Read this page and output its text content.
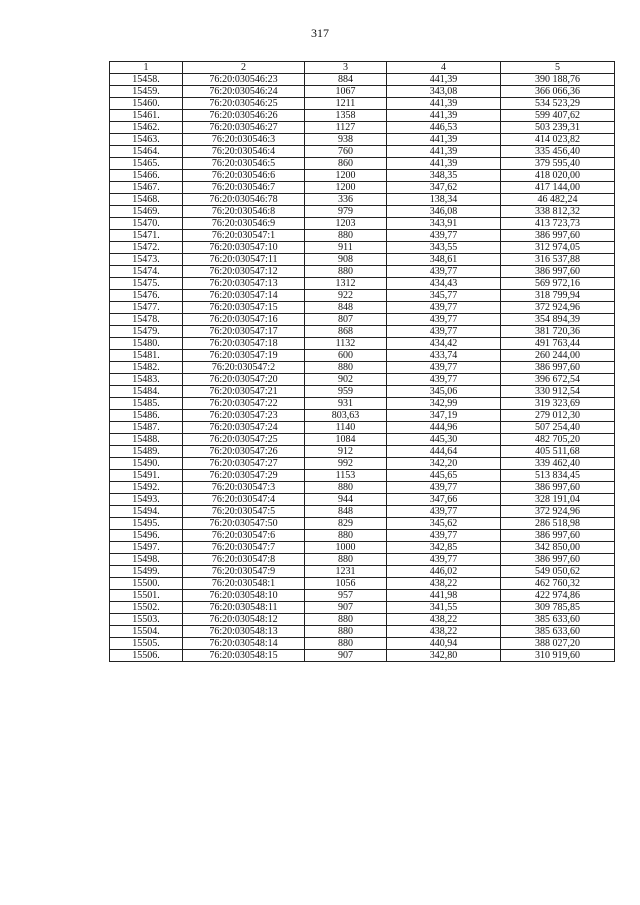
317
1	2	3	4	5
15458.	76:20:030546:23	884	441,39	390 188,76
15459.	76:20:030546:24	1067	343,08	366 066,36
15460.	76:20:030546:25	1211	441,39	534 523,29
15461.	76:20:030546:26	1358	441,39	599 407,62
15462.	76:20:030546:27	1127	446,53	503 239,31
15463.	76:20:030546:3	938	441,39	414 023,82
15464.	76:20:030546:4	760	441,39	335 456,40
15465.	76:20:030546:5	860	441,39	379 595,40
15466.	76:20:030546:6	1200	348,35	418 020,00
15467.	76:20:030546:7	1200	347,62	417 144,00
15468.	76:20:030546:78	336	138,34	46 482,24
15469.	76:20:030546:8	979	346,08	338 812,32
15470.	76:20:030546:9	1203	343,91	413 723,73
15471.	76:20:030547:1	880	439,77	386 997,60
15472.	76:20:030547:10	911	343,55	312 974,05
15473.	76:20:030547:11	908	348,61	316 537,88
15474.	76:20:030547:12	880	439,77	386 997,60
15475.	76:20:030547:13	1312	434,43	569 972,16
15476.	76:20:030547:14	922	345,77	318 799,94
15477.	76:20:030547:15	848	439,77	372 924,96
15478.	76:20:030547:16	807	439,77	354 894,39
15479.	76:20:030547:17	868	439,77	381 720,36
15480.	76:20:030547:18	1132	434,42	491 763,44
15481.	76:20:030547:19	600	433,74	260 244,00
15482.	76:20:030547:2	880	439,77	386 997,60
15483.	76:20:030547:20	902	439,77	396 672,54
15484.	76:20:030547:21	959	345,06	330 912,54
15485.	76:20:030547:22	931	342,99	319 323,69
15486.	76:20:030547:23	803,63	347,19	279 012,30
15487.	76:20:030547:24	1140	444,96	507 254,40
15488.	76:20:030547:25	1084	445,30	482 705,20
15489.	76:20:030547:26	912	444,64	405 511,68
15490.	76:20:030547:27	992	342,20	339 462,40
15491.	76:20:030547:29	1153	445,65	513 834,45
15492.	76:20:030547:3	880	439,77	386 997,60
15493.	76:20:030547:4	944	347,66	328 191,04
15494.	76:20:030547:5	848	439,77	372 924,96
15495.	76:20:030547:50	829	345,62	286 518,98
15496.	76:20:030547:6	880	439,77	386 997,60
15497.	76:20:030547:7	1000	342,85	342 850,00
15498.	76:20:030547:8	880	439,77	386 997,60
15499.	76:20:030547:9	1231	446,02	549 050,62
15500.	76:20:030548:1	1056	438,22	462 760,32
15501.	76:20:030548:10	957	441,98	422 974,86
15502.	76:20:030548:11	907	341,55	309 785,85
15503.	76:20:030548:12	880	438,22	385 633,60
15504.	76:20:030548:13	880	438,22	385 633,60
15505.	76:20:030548:14	880	440,94	388 027,20
15506.	76:20:030548:15	907	342,80	310 919,60
